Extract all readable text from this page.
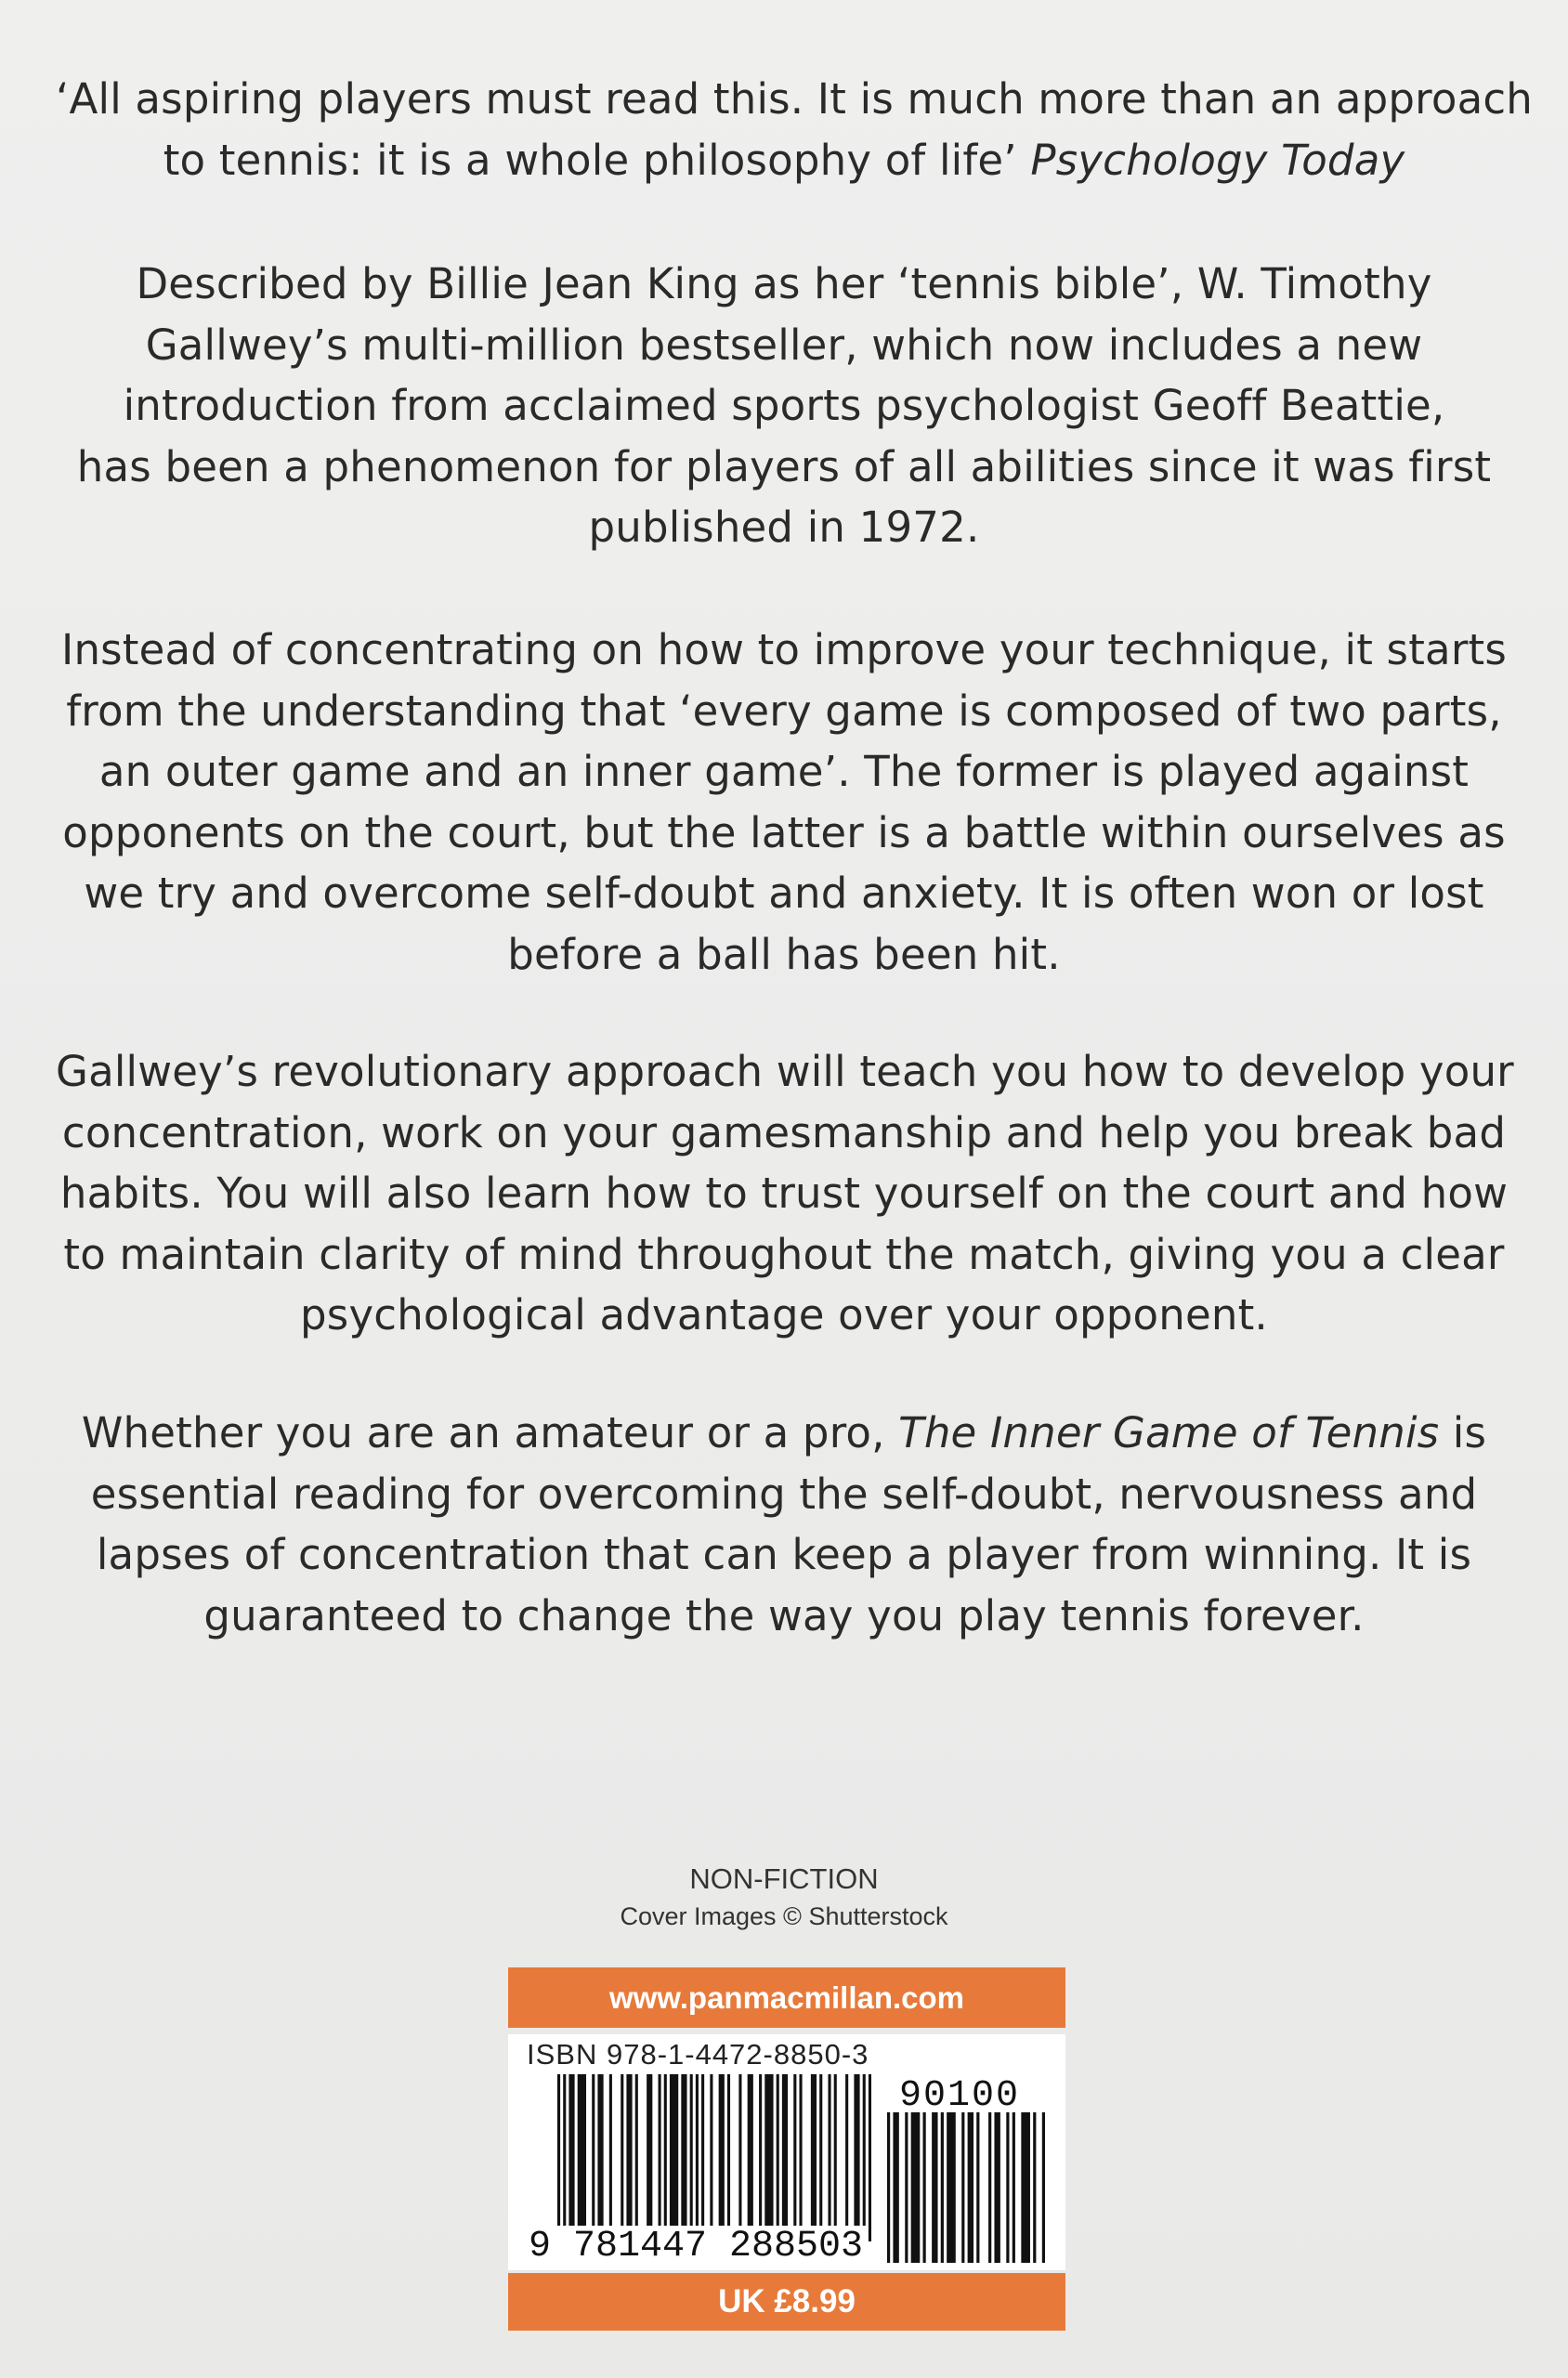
‘All aspiring players must read this. It is much more than an approach
to tennis: it is a whole philosophy of life’ Psychology Today
Described by Billie Jean King as her ‘tennis bible’, W. Timothy
Gallwey’s multi-million bestseller, which now includes a new
introduction from acclaimed sports psychologist Geoff Beattie,
has been a phenomenon for players of all abilities since it was first
published in 1972.
Instead of concentrating on how to improve your technique, it starts
from the understanding that ‘every game is composed of two parts,
an outer game and an inner game’. The former is played against
opponents on the court, but the latter is a battle within ourselves as
we try and overcome self-doubt and anxiety. It is often won or lost
before a ball has been hit.
Gallwey’s revolutionary approach will teach you how to develop your
concentration, work on your gamesmanship and help you break bad
habits. You will also learn how to trust yourself on the court and how
to maintain clarity of mind throughout the match, giving you a clear
psychological advantage over your opponent.
Whether you are an amateur or a pro, The Inner Game of Tennis is
essential reading for overcoming the self-doubt, nervousness and
lapses of concentration that can keep a player from winning. It is
guaranteed to change the way you play tennis forever.
NON-FICTION
Cover Images © Shutterstock
www.panmacmillan.com
ISBN 978-1-4472-8850-3
90100
9 781447 288503
UK £8.99
